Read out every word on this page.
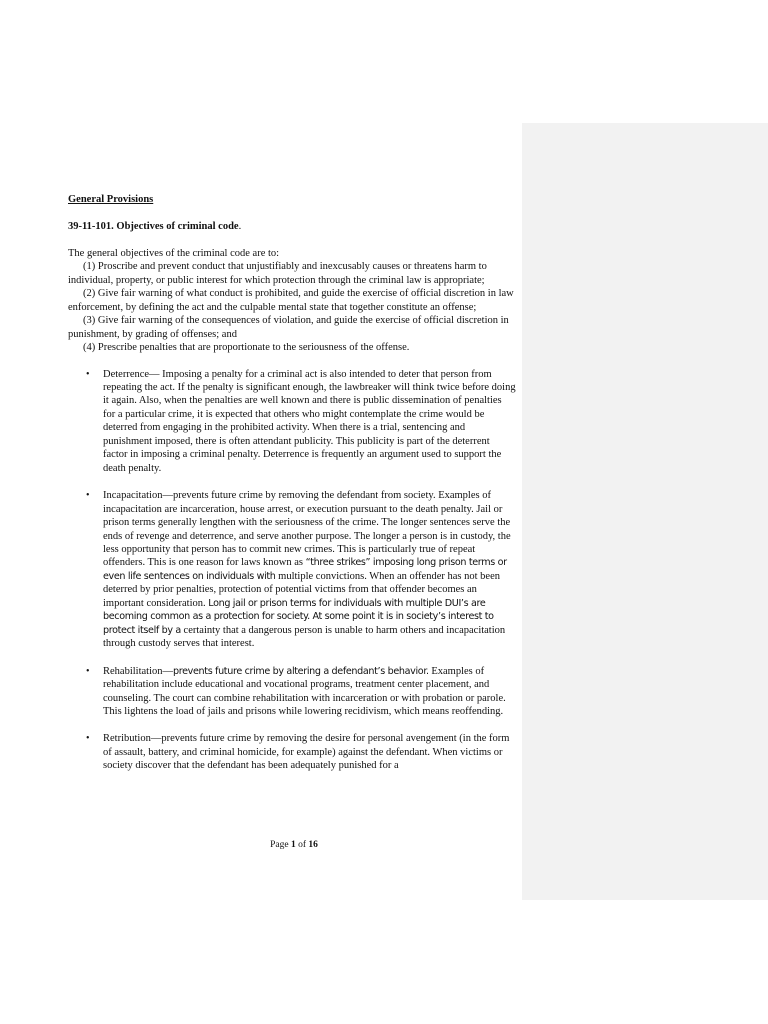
General Provisions

39-11-101. Objectives of criminal code.

The general objectives of the criminal code are to:

(1) Proscribe and prevent conduct that unjustifiably and inexcusably causes or threatens harm to individual, property, or public interest for which protection through the criminal law is appropriate;

(2) Give fair warning of what conduct is prohibited, and guide the exercise of official discretion in law enforcement, by defining the act and the culpable mental state that together constitute an offense;

(3) Give fair warning of the consequences of violation, and guide the exercise of official discretion in punishment, by grading of offenses; and

(4) Prescribe penalties that are proportionate to the seriousness of the offense.

• Deterrence— Imposing a penalty for a criminal act is also intended to deter that person from repeating the act. If the penalty is significant enough, the lawbreaker will think twice before doing it again. Also, when the penalties are well known and there is public dissemination of penalties for a particular crime, it is expected that others who might contemplate the crime would be deterred from engaging in the prohibited activity. When there is a trial, sentencing and punishment imposed, there is often attendant publicity. This publicity is part of the deterrent factor in imposing a criminal penalty. Deterrence is frequently an argument used to support the death penalty.
• Incapacitation—prevents future crime by removing the defendant from society. Examples of incapacitation are incarceration, house arrest, or execution pursuant to the death penalty. Jail or prison terms generally lengthen with the seriousness of the crime. The longer sentences serve the ends of revenge and deterrence, and serve another purpose. The longer a person is in custody, the less opportunity that person has to commit new crimes. This is particularly true of repeat offenders. This is one reason for laws known as “three strikes” imposing long prison terms or even life sentences on individuals with multiple convictions. When an offender has not been deterred by prior penalties, protection of potential victims from that offender becomes an important consideration. Long jail or prison terms for individuals with multiple DUI’s are becoming common as a protection for society. At some point it is in society’s interest to protect itself by a certainty that a dangerous person is unable to harm others and incapacitation through custody serves that interest.
• Rehabilitation—prevents future crime by altering a defendant’s behavior. Examples of rehabilitation include educational and vocational programs, treatment center placement, and counseling. The court can combine rehabilitation with incarceration or with probation or parole. This lightens the load of jails and prisons while lowering recidivism, which means reoffending.
• Retribution—prevents future crime by removing the desire for personal avengement (in the form of assault, battery, and criminal homicide, for example) against the defendant. When victims or society discover that the defendant has been adequately punished for a
Page 1 of 16
